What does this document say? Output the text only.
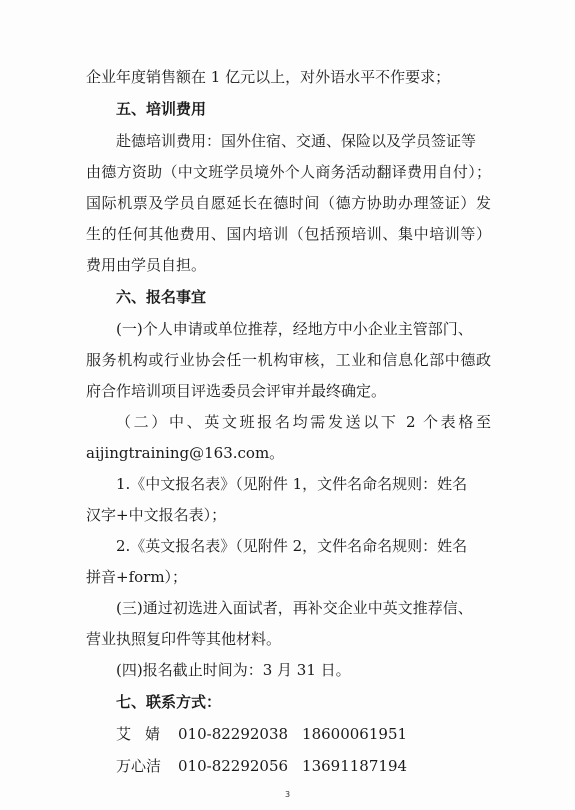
企业年度销售额在 1 亿元以上，对外语水平不作要求；
五、培训费用
赴德培训费用：国外住宿、交通、保险以及学员签证等
由德方资助（中文班学员境外个人商务活动翻译费用自付）；
国际机票及学员自愿延长在德时间（德方协助办理签证）发
生的任何其他费用、国内培训（包括预培训、集中培训等）
费用由学员自担。
六、报名事宜
(一)个人申请或单位推荐，经地方中小企业主管部门、
服务机构或行业协会任一机构审核，工业和信息化部中德政
府合作培训项目评选委员会评审并最终确定。
（二）中、英文班报名均需发送以下 2 个表格至
aijingtraining@163.com。
1.《中文报名表》（见附件 1，文件名命名规则：姓名
汉字+中文报名表）；
2.《英文报名表》（见附件 2，文件名命名规则：姓名
拼音+form）；
(三)通过初选进入面试者，再补交企业中英文推荐信、
营业执照复印件等其他材料。
(四)报名截止时间为：3 月 31 日。
七、联系方式：
艾婧 010-82292038 18600061951
万心洁 010-82292056 13691187194
3
